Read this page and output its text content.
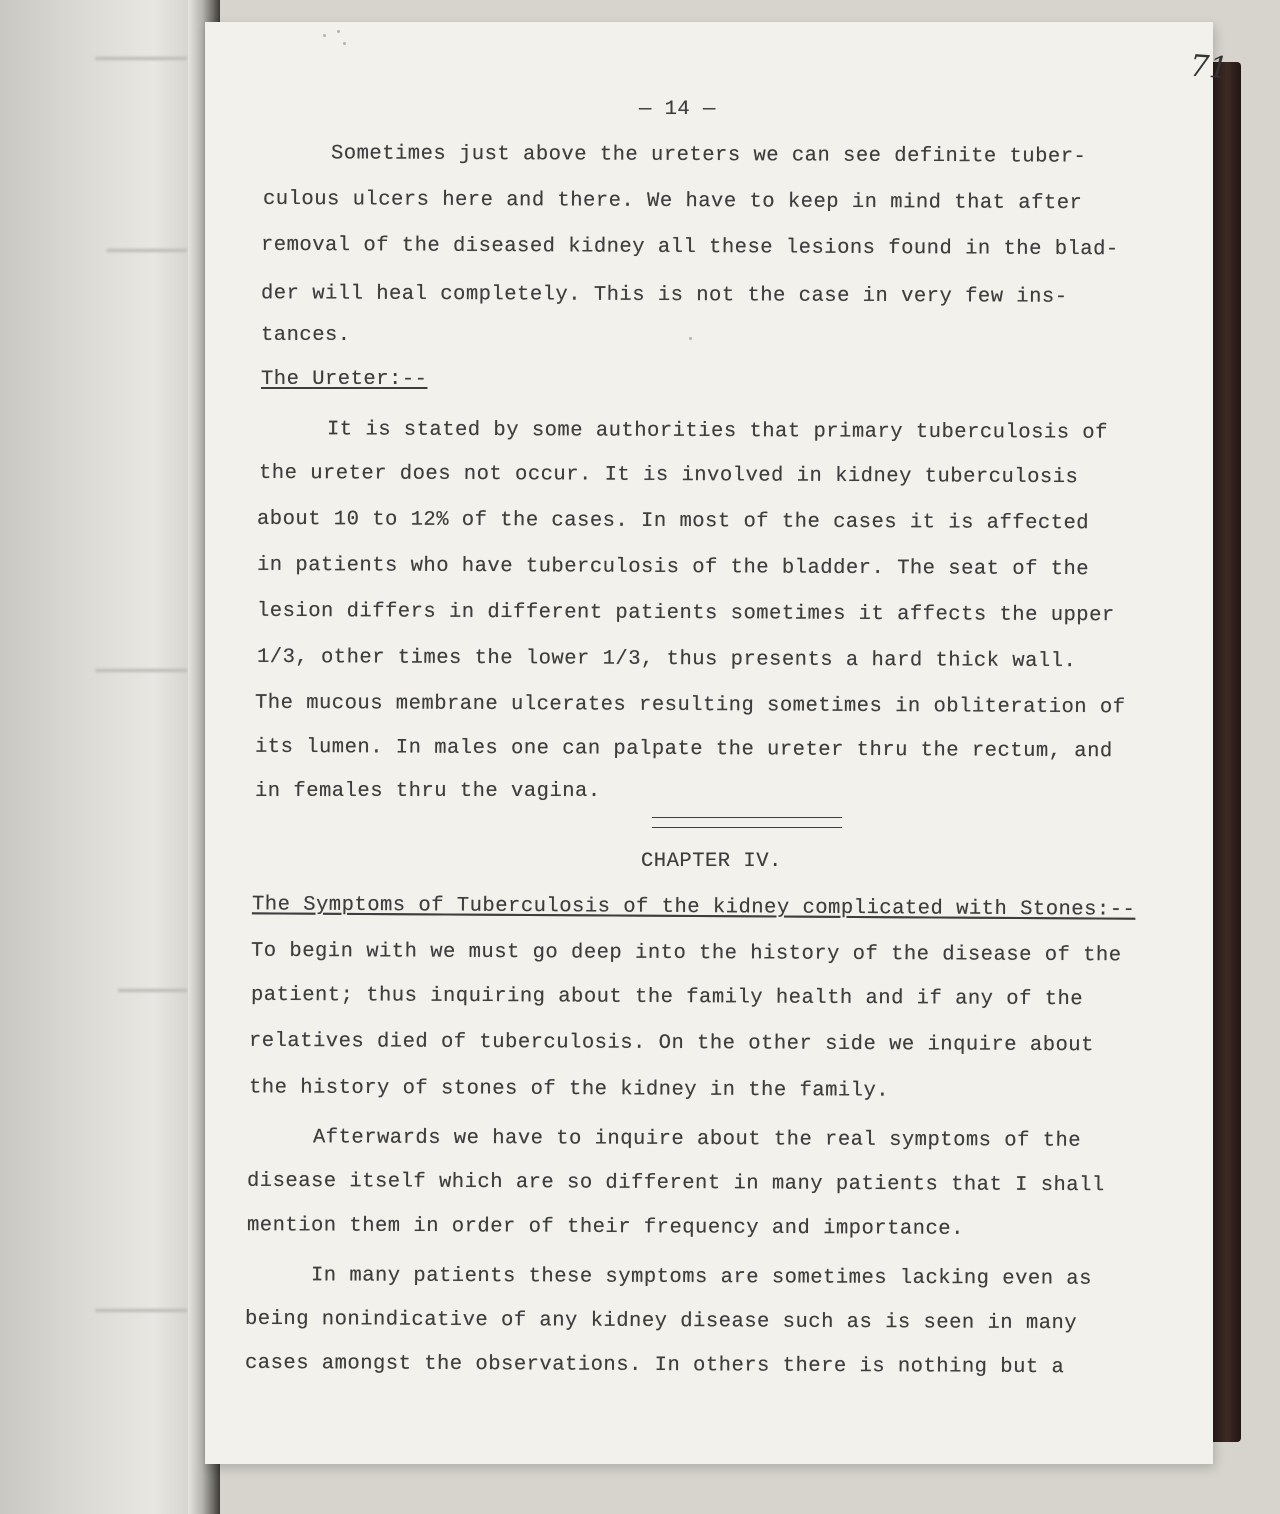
━━━━━━━━
━━━━━━━
━━━━━━━━
━━━━━━
━━━━━━━━
71
— 14 —
Sometimes just above the ureters we can see definite tuber-
culous ulcers here and there. We have to keep in mind that after
removal of the diseased kidney all these lesions found in the blad-
der will heal completely. This is not the case in very few ins-
tances.
The Ureter:--
It is stated by some authorities that primary tuberculosis of
the ureter does not occur. It is involved in kidney tuberculosis
about 10 to 12% of the cases. In most of the cases it is affected
in patients who have tuberculosis of the bladder. The seat of the
lesion differs in different patients sometimes it affects the upper
1/3, other times the lower 1/3, thus presents a hard thick wall.
The mucous membrane ulcerates resulting sometimes in obliteration of
its lumen. In males one can palpate the ureter thru the rectum, and
in females thru the vagina.
CHAPTER IV.
The Symptoms of Tuberculosis of the kidney complicated with Stones:--
To begin with we must go deep into the history of the disease of the
patient; thus inquiring about the family health and if any of the
relatives died of tuberculosis. On the other side we inquire about
the history of stones of the kidney in the family.
Afterwards we have to inquire about the real symptoms of the
disease itself which are so different in many patients that I shall
mention them in order of their frequency and importance.
In many patients these symptoms are sometimes lacking even as
being nonindicative of any kidney disease such as is seen in many
cases amongst the observations. In others there is nothing but a
